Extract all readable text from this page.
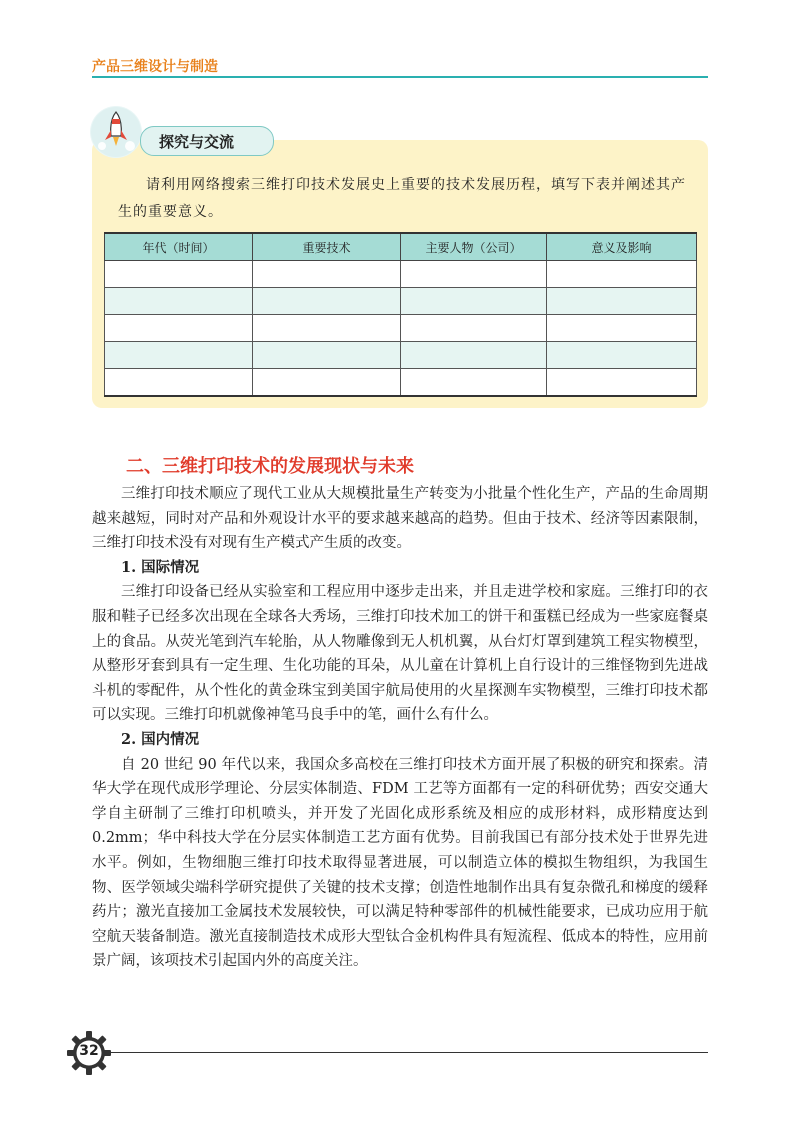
产品三维设计与制造
探究与交流
请利用网络搜索三维打印技术发展史上重要的技术发展历程，填写下表并阐述其产生的重要意义。
年代（时间）	重要技术	主要人物（公司）	意义及影响

二、三维打印技术的发展现状与未来

三维打印技术顺应了现代工业从大规模批量生产转变为小批量个性化生产，产品的生命周期越来越短，同时对产品和外观设计水平的要求越来越高的趋势。但由于技术、经济等因素限制，三维打印技术没有对现有生产模式产生质的改变。

1. 国际情况

三维打印设备已经从实验室和工程应用中逐步走出来，并且走进学校和家庭。三维打印的衣服和鞋子已经多次出现在全球各大秀场，三维打印技术加工的饼干和蛋糕已经成为一些家庭餐桌上的食品。从荧光笔到汽车轮胎，从人物雕像到无人机机翼，从台灯灯罩到建筑工程实物模型，从整形牙套到具有一定生理、生化功能的耳朵，从儿童在计算机上自行设计的三维怪物到先进战斗机的零配件，从个性化的黄金珠宝到美国宇航局使用的火星探测车实物模型，三维打印技术都可以实现。三维打印机就像神笔马良手中的笔，画什么有什么。

2. 国内情况

自 20 世纪 90 年代以来，我国众多高校在三维打印技术方面开展了积极的研究和探索。清华大学在现代成形学理论、分层实体制造、FDM 工艺等方面都有一定的科研优势；西安交通大学自主研制了三维打印机喷头，并开发了光固化成形系统及相应的成形材料，成形精度达到 0.2mm；华中科技大学在分层实体制造工艺方面有优势。目前我国已有部分技术处于世界先进水平。例如，生物细胞三维打印技术取得显著进展，可以制造立体的模拟生物组织，为我国生物、医学领域尖端科学研究提供了关键的技术支撑；创造性地制作出具有复杂微孔和梯度的缓释药片；激光直接加工金属技术发展较快，可以满足特种零部件的机械性能要求，已成功应用于航空航天装备制造。激光直接制造技术成形大型钛合金机构件具有短流程、低成本的特性，应用前景广阔，该项技术引起国内外的高度关注。

32
